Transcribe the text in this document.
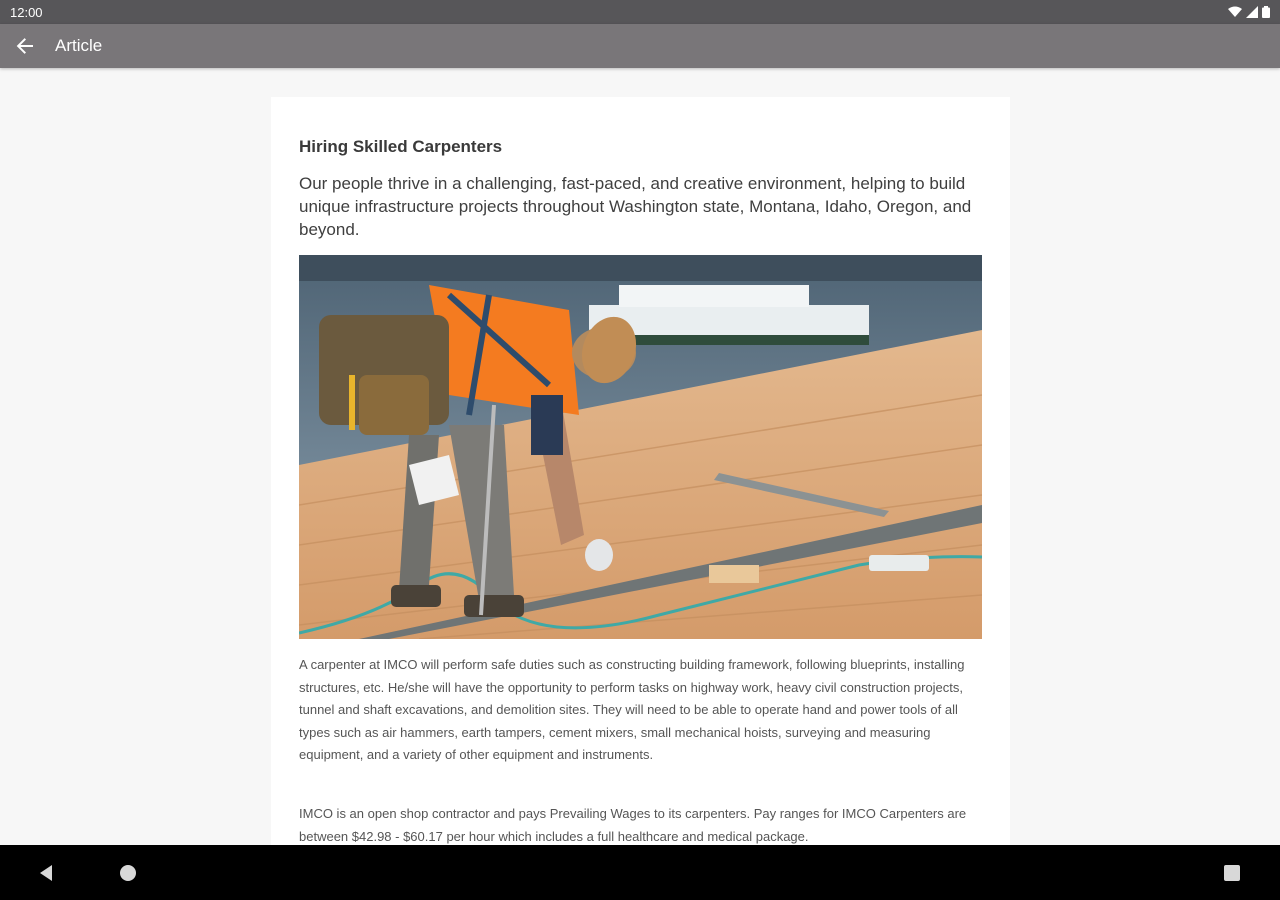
12:00
Article
Hiring Skilled Carpenters
Our people thrive in a challenging, fast-paced, and creative environment, helping to build unique infrastructure projects throughout Washington state, Montana, Idaho, Oregon, and beyond.
A carpenter at IMCO will perform safe duties such as constructing building framework, following blueprints, installing structures, etc. He/she will have the opportunity to perform tasks on highway work, heavy civil construction projects, tunnel and shaft excavations, and demolition sites. They will need to be able to operate hand and power tools of all types such as air hammers, earth tampers, cement mixers, small mechanical hoists, surveying and measuring equipment, and a variety of other equipment and instruments.
IMCO is an open shop contractor and pays Prevailing Wages to its carpenters. Pay ranges for IMCO Carpenters are between $42.98 - $60.17 per hour which includes a full healthcare and medical package.
